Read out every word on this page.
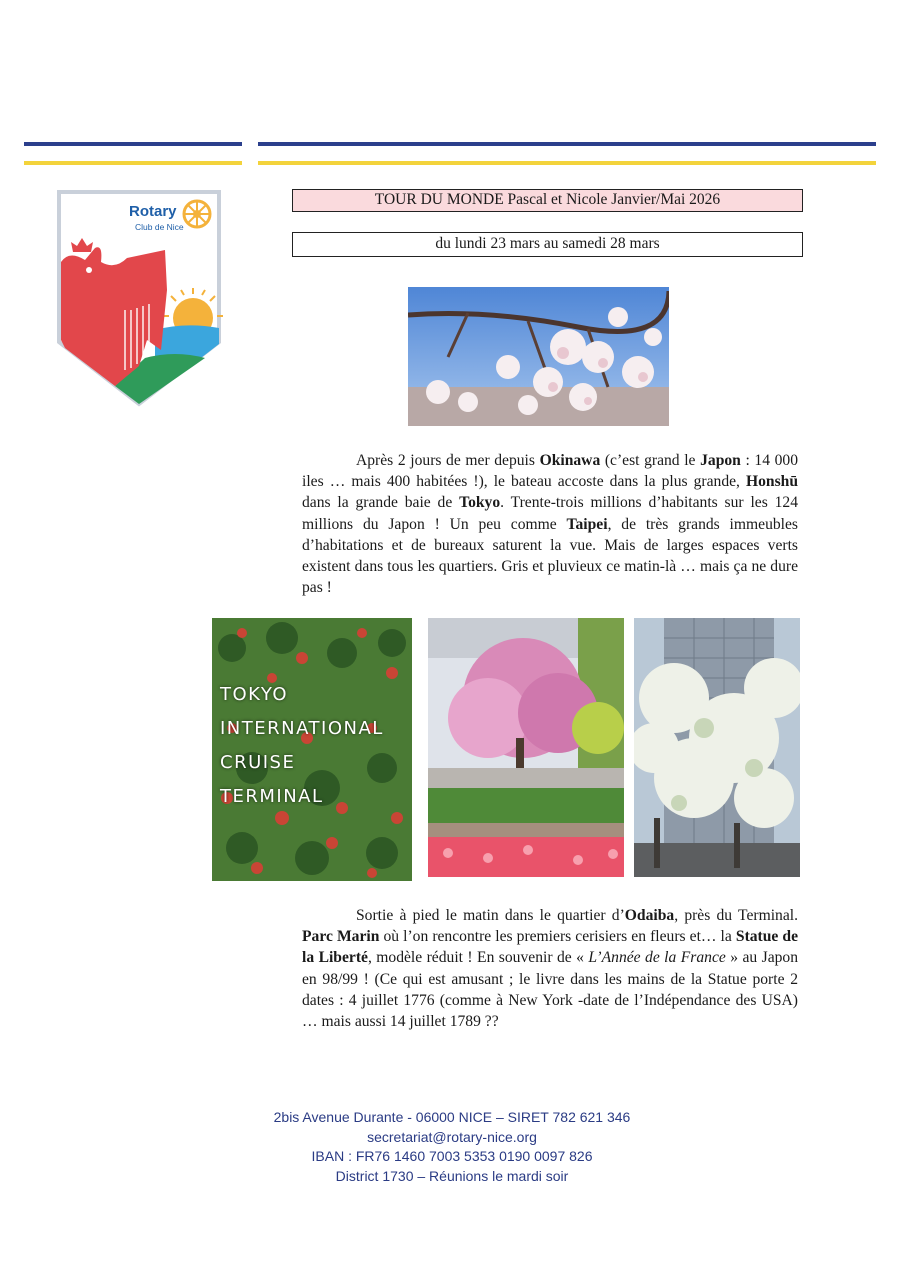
Rotary
Club de Nice
TOUR DU MONDE Pascal et Nicole Janvier/Mai 2026
du lundi 23 mars au samedi 28 mars

Après 2 jours de mer depuis Okinawa (c’est grand le Japon : 14 000 iles … mais 400 habitées !), le bateau accoste dans la plus grande, Honshū dans la grande baie de Tokyo. Trente-trois millions d’habitants sur les 124 millions du Japon ! Un peu comme Taipei, de très grands immeubles d’habitations et de bureaux saturent la vue. Mais de larges espaces verts existent dans tous les quartiers. Gris et pluvieux ce matin-là … mais ça ne dure pas !

TOKYO
INTERNATIONAL
CRUISE
TERMINAL

Sortie à pied le matin dans le quartier d’Odaiba, près du Terminal. Parc Marin où l’on rencontre les premiers cerisiers en fleurs et… la Statue de la Liberté, modèle réduit ! En souvenir de « L’Année de la France » au Japon en 98/99 ! (Ce qui est amusant ; le livre dans les mains de la Statue porte 2 dates : 4 juillet 1776 (comme à New York -date de l’Indépendance des USA) … mais aussi 14 juillet 1789 ??

2bis Avenue Durante - 06000 NICE – SIRET 782 621 346
secretariat@rotary-nice.org
IBAN : FR76 1460 7003 5353 0190 0097 826
District 1730 – Réunions le mardi soir
